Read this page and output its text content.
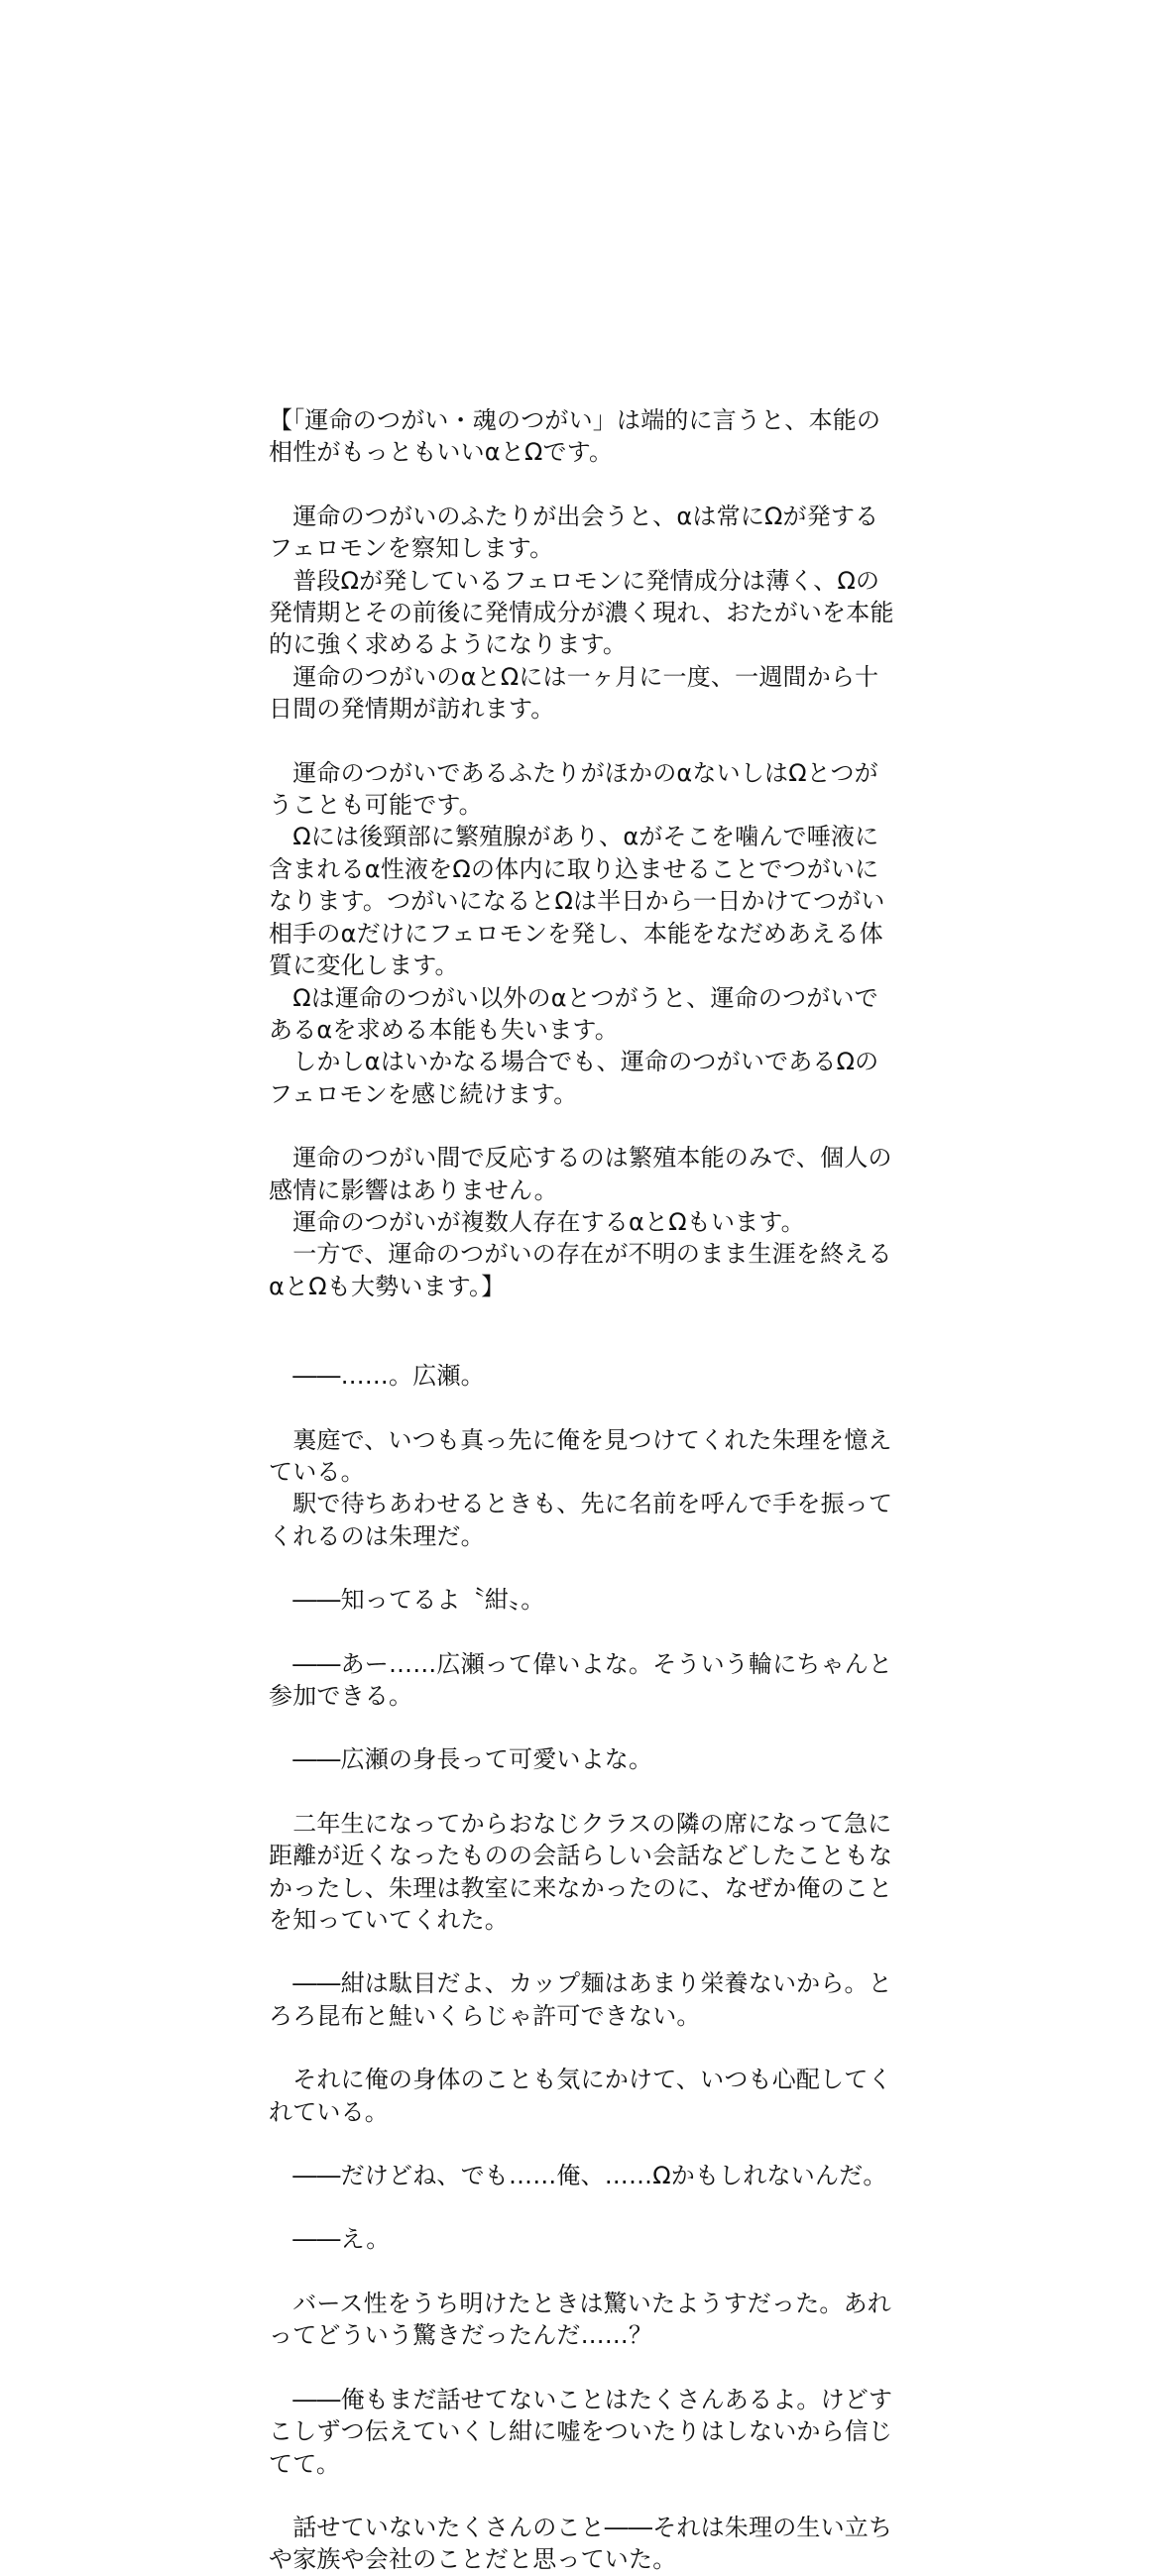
【「運命のつがい・魂のつがい」は端的に言うと、本能の相性がもっともいいαとΩです。

　運命のつがいのふたりが出会うと、αは常にΩが発するフェロモンを察知します。
　普段Ωが発しているフェロモンに発情成分は薄く、Ωの発情期とその前後に発情成分が濃く現れ、おたがいを本能的に強く求めるようになります。
　運命のつがいのαとΩには一ヶ月に一度、一週間から十日間の発情期が訪れます。

　運命のつがいであるふたりがほかのαないしはΩとつがうことも可能です。
　Ωには後頸部に繁殖腺があり、αがそこを噛んで唾液に含まれるα性液をΩの体内に取り込ませることでつがいになります。つがいになるとΩは半日から一日かけてつがい相手のαだけにフェロモンを発し、本能をなだめあえる体質に変化します。
　Ωは運命のつがい以外のαとつがうと、運命のつがいであるαを求める本能も失います。
　しかしαはいかなる場合でも、運命のつがいであるΩのフェロモンを感じ続けます。

　運命のつがい間で反応するのは繁殖本能のみで、個人の感情に影響はありません。
　運命のつがいが複数人存在するαとΩもいます。
　一方で、運命のつがいの存在が不明のまま生涯を終えるαとΩも大勢います。】

　――……。広瀬。

　裏庭で、いつも真っ先に俺を見つけてくれた朱理を憶えている。
　駅で待ちあわせるときも、先に名前を呼んで手を振ってくれるのは朱理だ。

　――知ってるよ〝紺〟。

　――あー……広瀬って偉いよな。そういう輪にちゃんと参加できる。

　――広瀬の身長って可愛いよな。

　二年生になってからおなじクラスの隣の席になって急に距離が近くなったものの会話らしい会話などしたこともなかったし、朱理は教室に来なかったのに、なぜか俺のことを知っていてくれた。

　――紺は駄目だよ、カップ麺はあまり栄養ないから。とろろ昆布と鮭いくらじゃ許可できない。

　それに俺の身体のことも気にかけて、いつも心配してくれている。

　――だけどね、でも……俺、……Ωかもしれないんだ。

　――え。

　バース性をうち明けたときは驚いたようすだった。あれってどういう驚きだったんだ……？

　――俺もまだ話せてないことはたくさんあるよ。けどすこしずつ伝えていくし紺に嘘をついたりはしないから信じてて。

　話せていないたくさんのこと――それは朱理の生い立ちや家族や会社のことだと思っていた。
